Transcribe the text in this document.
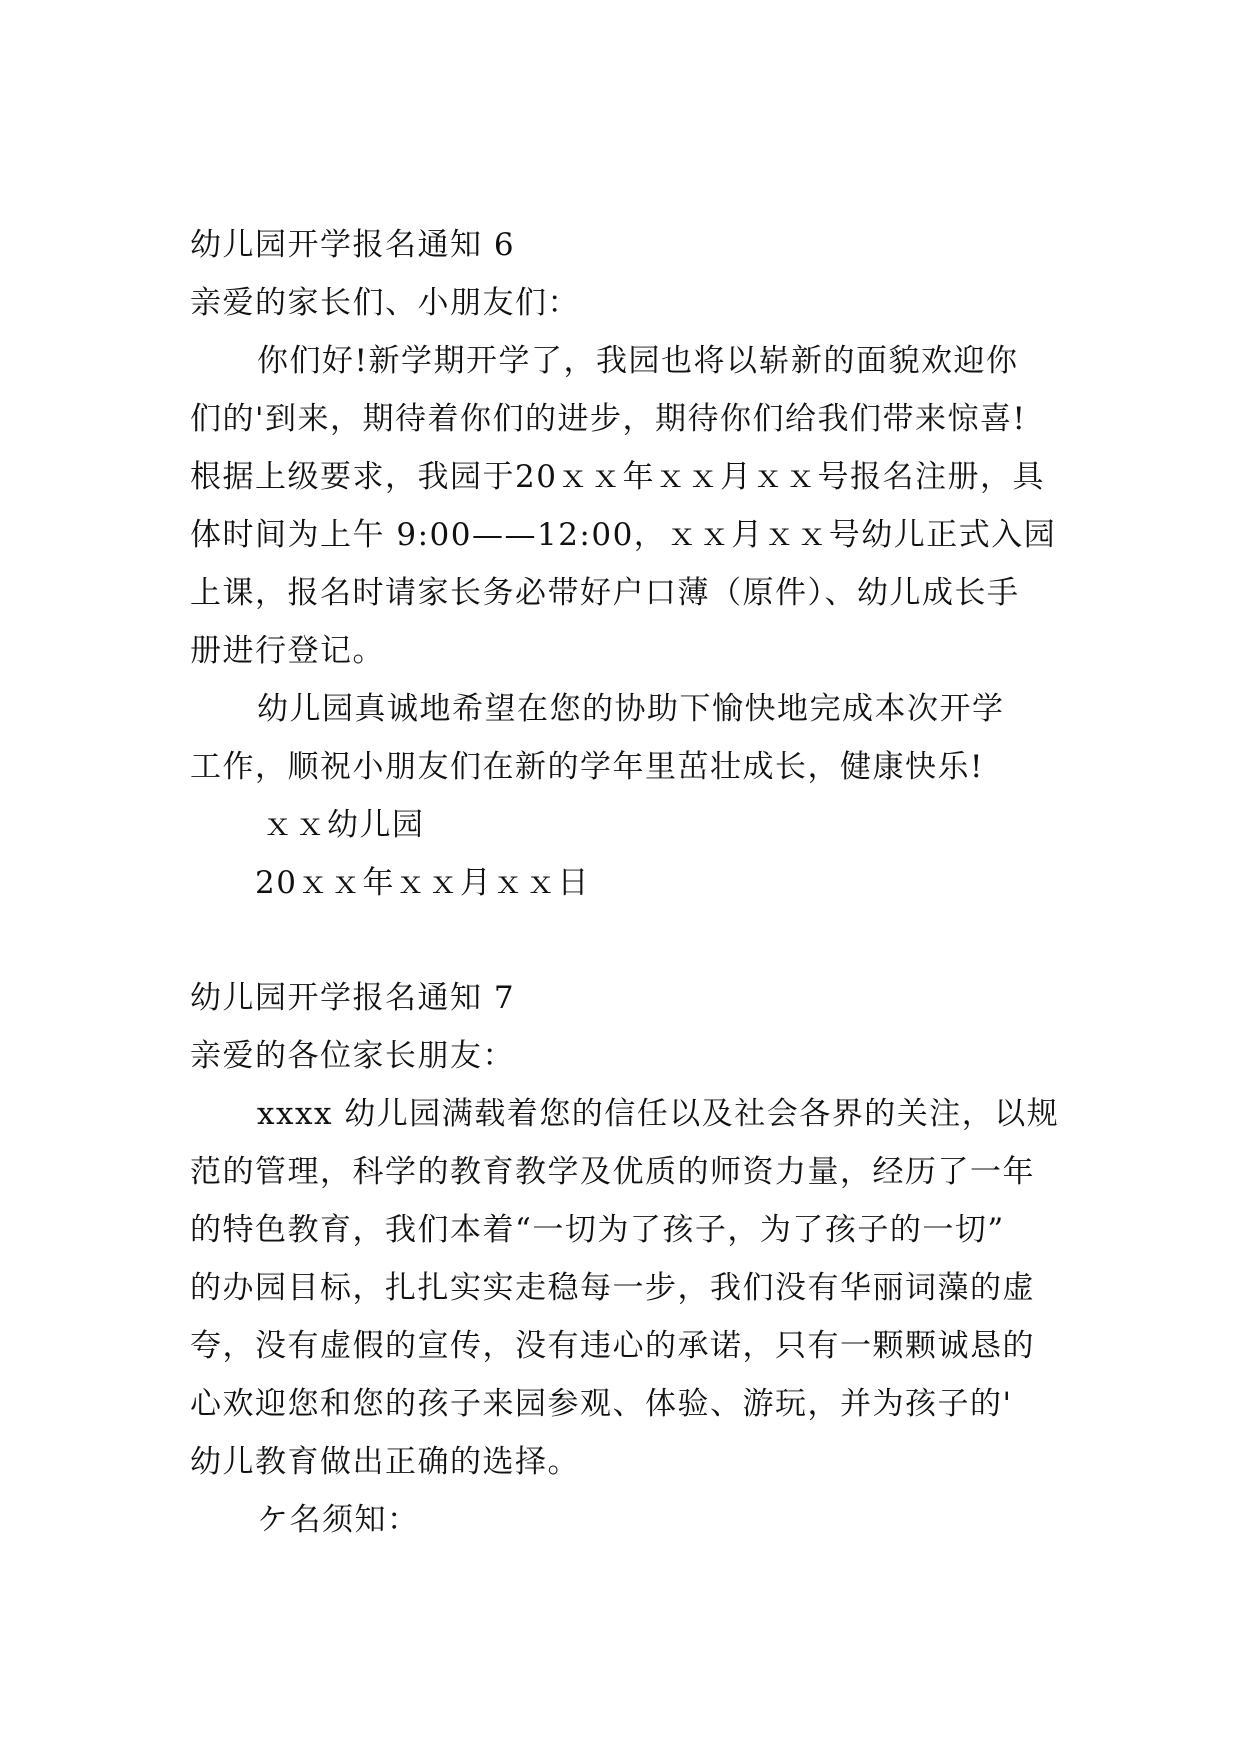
幼儿园开学报名通知 6

亲爱的家长们、小朋友们：

你们好!新学期开学了，我园也将以崭新的面貌欢迎你

们的'到来，期待着你们的进步，期待你们给我们带来惊喜!

根据上级要求，我园于20ｘｘ年ｘｘ月ｘｘ号报名注册，具

体时间为上午 9:00——12:00，ｘｘ月ｘｘ号幼儿正式入园

上课，报名时请家长务必带好户口薄（原件）、幼儿成长手

册进行登记。

幼儿园真诚地希望在您的协助下愉快地完成本次开学

工作，顺祝小朋友们在新的学年里茁壮成长，健康快乐!

ｘｘ幼儿园

20ｘｘ年ｘｘ月ｘｘ日

幼儿园开学报名通知 7

亲爱的各位家长朋友：

xxxx 幼儿园满载着您的信任以及社会各界的关注，以规

范的管理，科学的教育教学及优质的师资力量，经历了一年

的特色教育，我们本着“一切为了孩子，为了孩子的一切”

的办园目标，扎扎实实走稳每一步，我们没有华丽词藻的虚

夸，没有虚假的宣传，没有违心的承诺，只有一颗颗诚恳的

心欢迎您和您的孩子来园参观、体验、游玩，并为孩子的'

幼儿教育做出正确的选择。

ケ名须知：
